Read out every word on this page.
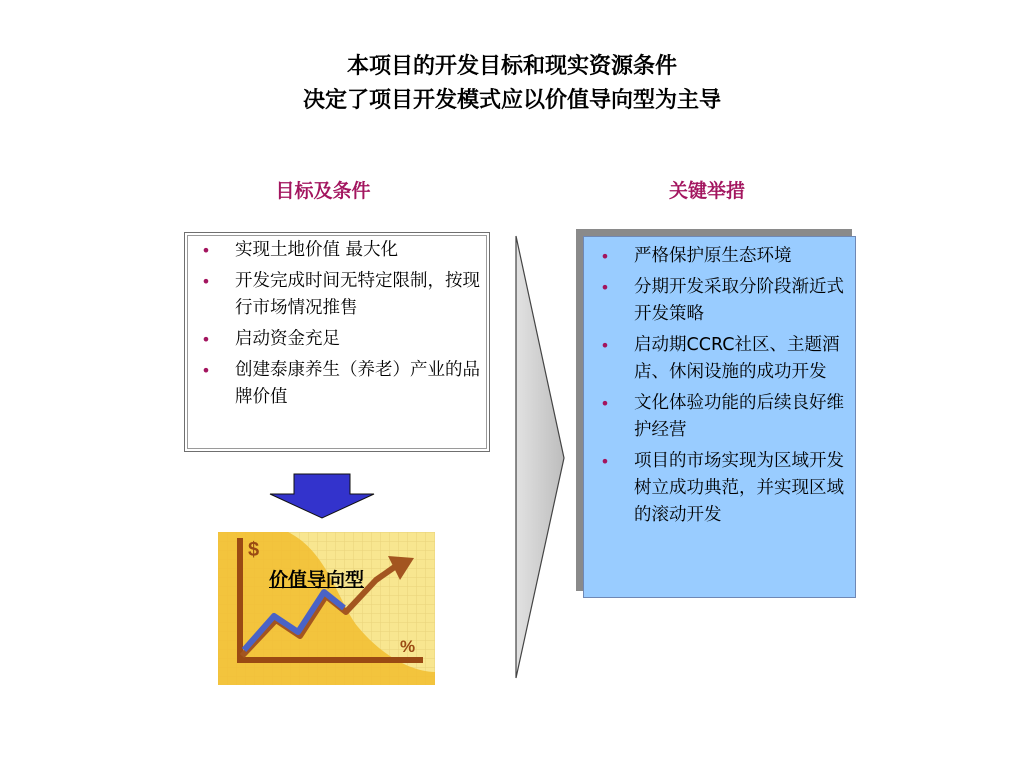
本项目的开发目标和现实资源条件
决定了项目开发模式应以价值导向型为主导
目标及条件	关键举措
• 实现土地价值 最大化
• 开发完成时间无特定限制，按现行市场情况推售
• 启动资金充足
• 创建泰康养生（养老）产业的品牌价值
• 严格保护原生态环境
• 分期开发采取分阶段渐近式开发策略
• 启动期CCRC社区、主题酒店、休闲设施的成功开发
• 文化体验功能的后续良好维护经营
• 项目的市场实现为区域开发树立成功典范，并实现区域的滚动开发
$
%
价值导向型
